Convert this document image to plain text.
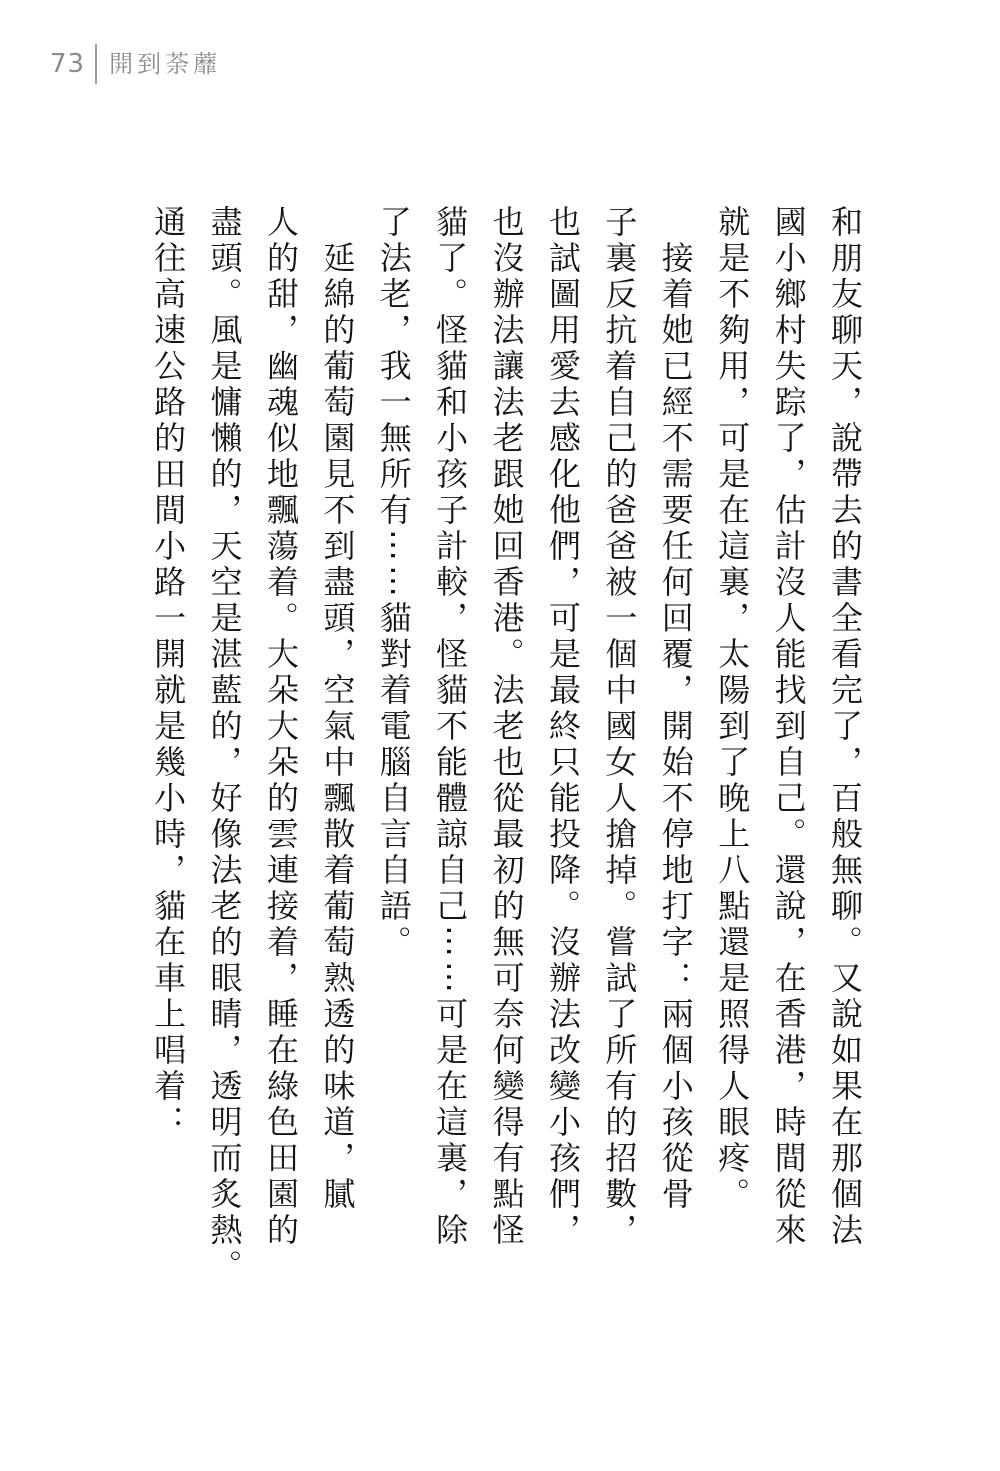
73 開到荼蘼
和朋友聊天，說帶去的書全看完了，百般無聊。又說如果在那個法
國小鄉村失踪了，估計沒人能找到自己。還說，在香港，時間從來
就是不夠用，可是在這裏，太陽到了晚上八點還是照得人眼疼。
　接着她已經不需要任何回覆，開始不停地打字：兩個小孩從骨
子裏反抗着自己的爸爸被一個中國女人搶掉。嘗試了所有的招數，
也試圖用愛去感化他們，可是最終只能投降。沒辦法改變小孩們，
也沒辦法讓法老跟她回香港。法老也從最初的無可奈何變得有點怪
貓了。怪貓和小孩子計較，怪貓不能體諒自己⋯⋯可是在這裏，除
了法老，我一無所有⋯⋯貓對着電腦自言自語。
　延綿的葡萄園見不到盡頭，空氣中飄散着葡萄熟透的味道，膩
人的甜，幽魂似地飄蕩着。大朵大朵的雲連接着，睡在綠色田園的
盡頭。風是慵懶的，天空是湛藍的，好像法老的眼睛，透明而炙熱。
通往高速公路的田間小路一開就是幾小時，貓在車上唱着：
